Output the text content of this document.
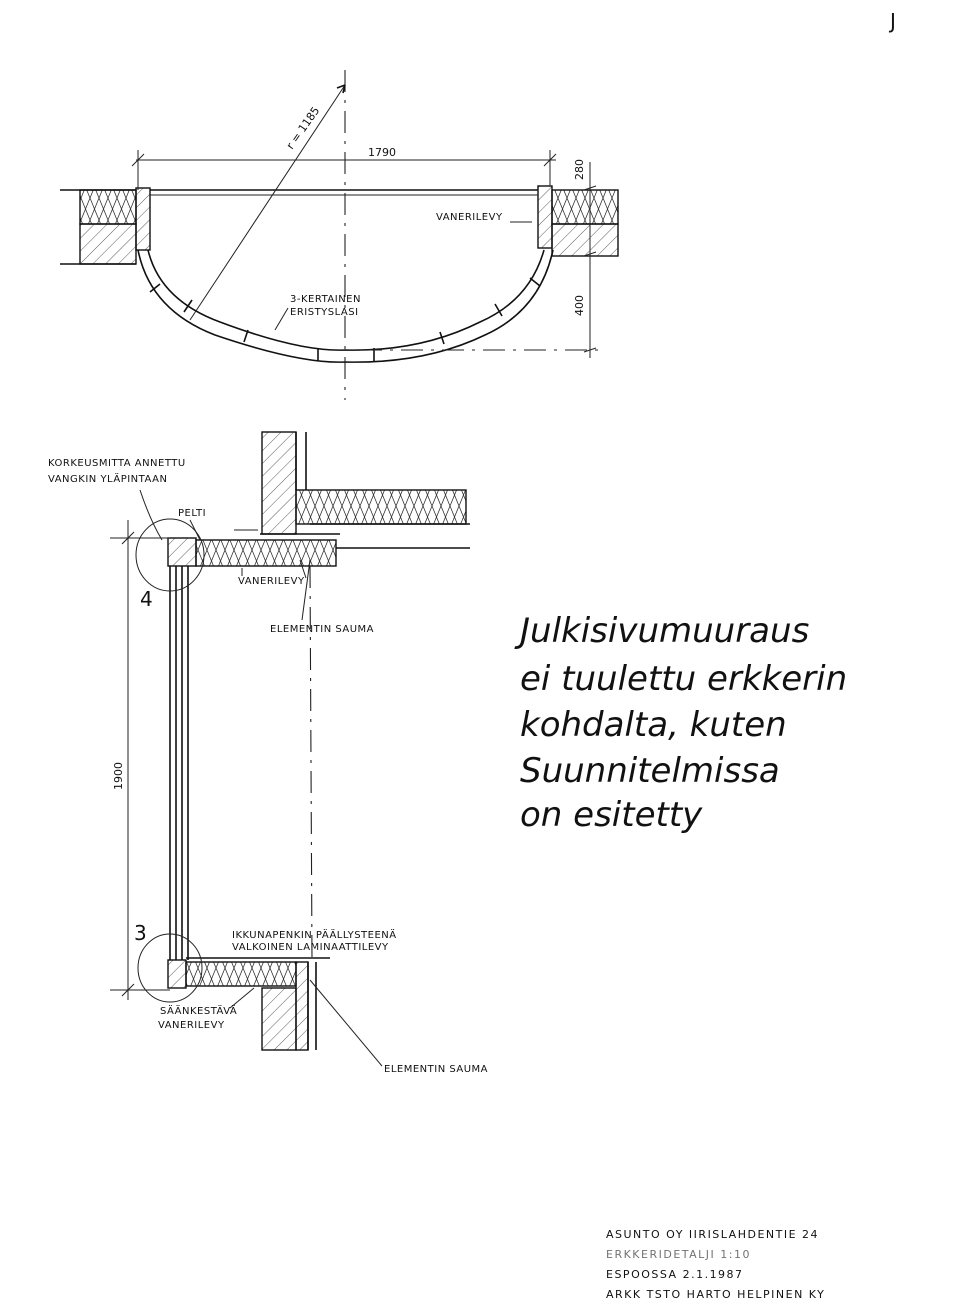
J
r = 1185
1790
280
400
VANERILEVY
3-KERTAINEN
ERISTYSLASI
4
3
1900
KORKEUSMITTA ANNETTU
VANGKIN YLÄPINTAAN
PELTI
VANERILEVY
ELEMENTIN SAUMA
IKKUNAPENKIN PÄÄLLYSTEENÄ
VALKOINEN LAMINAATTILEVY
SÄÄNKESTÄVÄ
VANERILEVY
ELEMENTIN SAUMA
Julkisivumuuraus
ei tuulettu erkkerin
kohdalta, kuten
Suunnitelmissa
on esitetty
ASUNTO OY IIRISLAHDENTIE 24
ERKKERIDETALJI 1:10
ESPOOSSA 2.1.1987
ARKK TSTO HARTO HELPINEN KY
